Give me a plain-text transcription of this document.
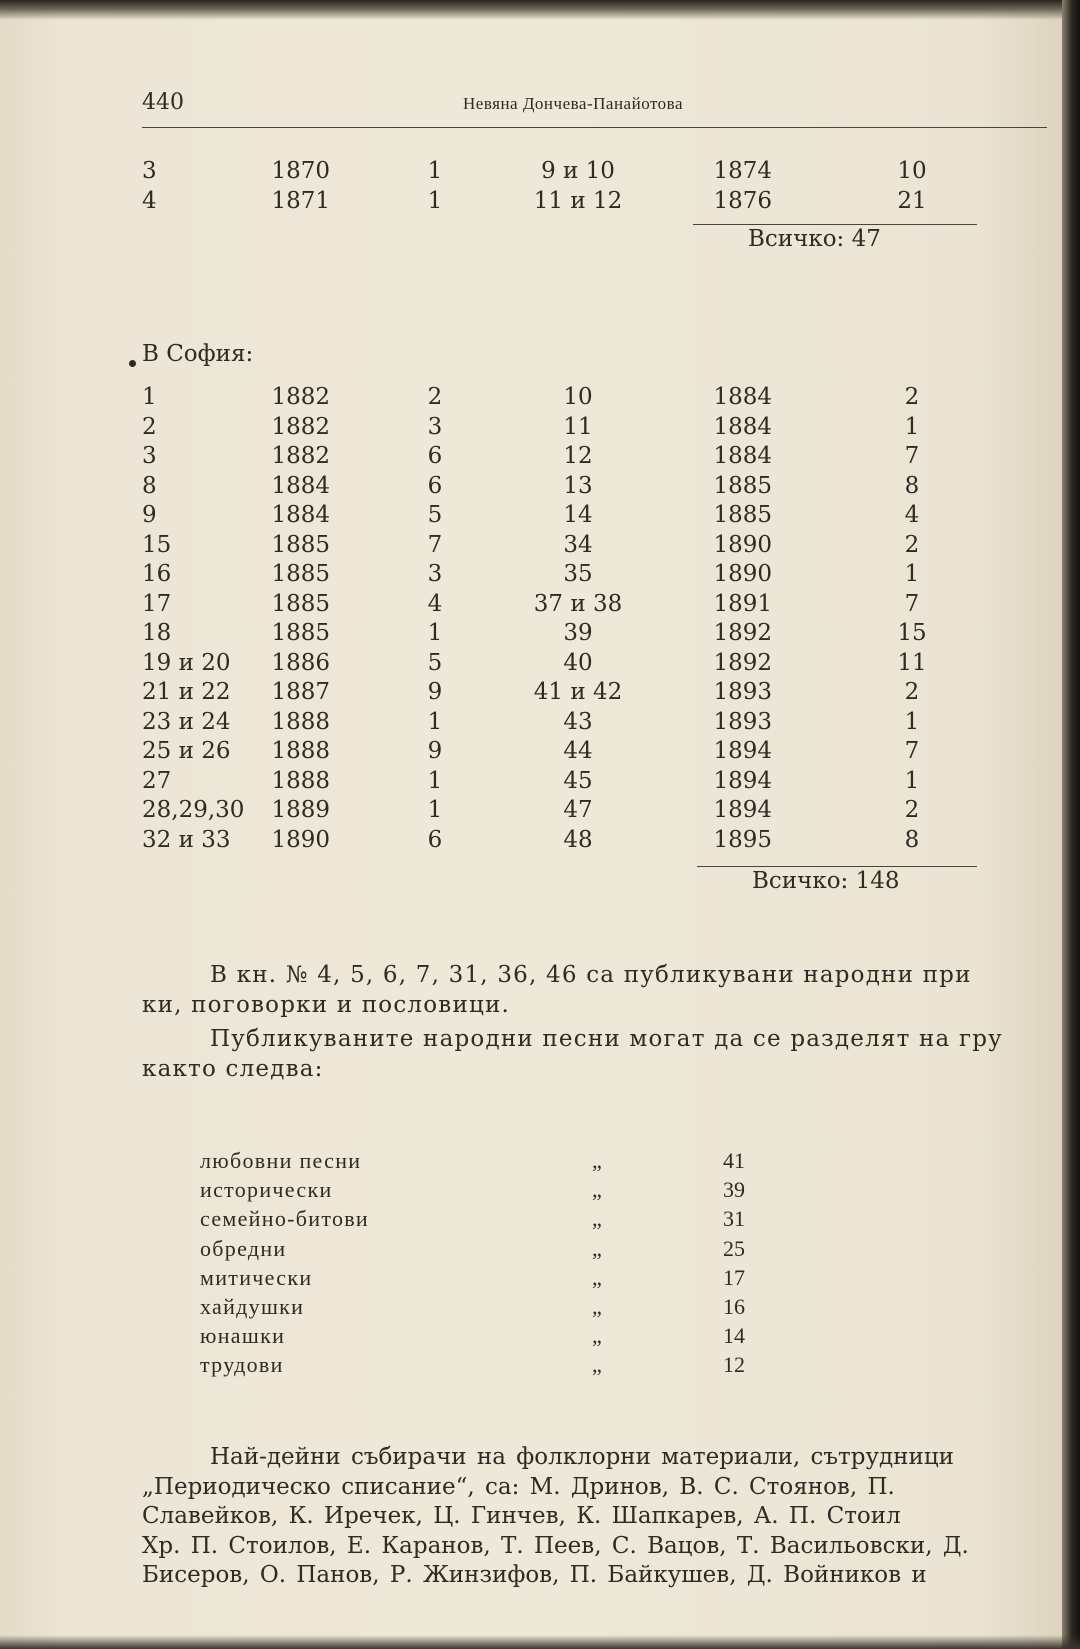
440	Невяна Дончева-Панайотова
3	1870	1	9 и 10	1874	10
4	1871	1	11 и 12	1876	21
Всичко: 47
В София:
1	1882	2	10	1884	2
2	1882	3	11	1884	1
3	1882	6	12	1884	7
8	1884	6	13	1885	8
9	1884	5	14	1885	4
15	1885	7	34	1890	2
16	1885	3	35	1890	1
17	1885	4	37 и 38	1891	7
18	1885	1	39	1892	15
19 и 20 1886	5	40	1892	11
21 и 22 1887	9	41 и 42	1893	2
23 и 24 1888	1	43	1893	1
25 и 26 1888	9	44	1894	7
27	1888	1	45	1894	1
28,29,30 1889	1	47	1894	2
32 и 33 1890	6	48	1895	8
Всичко: 148

В кн. № 4, 5, 6, 7, 31, 36, 46 са публикувани народни при

ки, поговорки и пословици.

Публикуваните народни песни могат да се разделят на гру

както следва:

любовни песни	„	41
исторически	„	39
семейно-битови	„	31
обредни	„	25
митически	„	17
хайдушки	„	16
юнашки	„	14
трудови	„	12

Най-дейни събирачи на фолклорни материали, сътрудници

„Периодическо списание“, са: М. Дринов, В. С. Стоянов, П.

Славейков, К. Иречек, Ц. Гинчев, К. Шапкарев, А. П. Стоил

Хр. П. Стоилов, Е. Каранов, Т. Пеев, С. Вацов, Т. Васильовски, Д.

Бисеров, О. Панов, Р. Жинзифов, П. Байкушев, Д. Войников и
